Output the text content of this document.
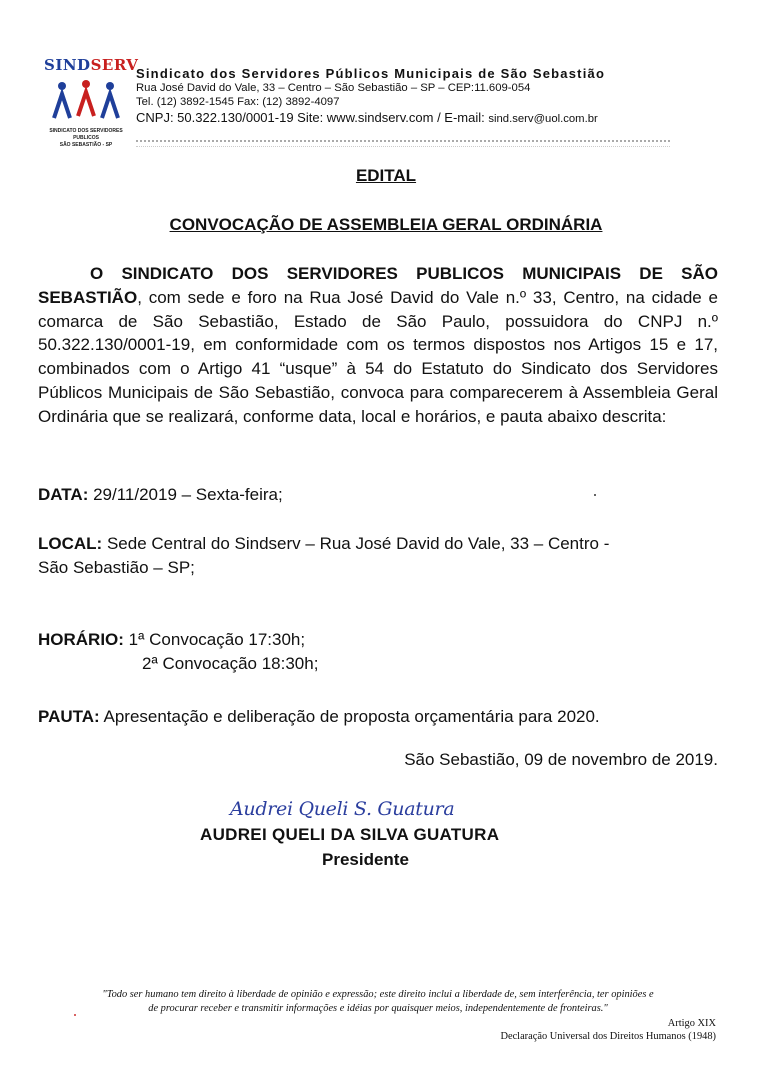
SINDSERV
SINDICATO DOS SERVIDORES PUBLICOS
SÃO SEBASTIÃO - SP
Sindicato dos Servidores Públicos Municipais de São Sebastião
Rua José David do Vale, 33 – Centro – São Sebastião – SP – CEP:11.609-054
Tel. (12) 3892-1545 Fax: (12) 3892-4097
CNPJ: 50.322.130/0001-19 Site: www.sindserv.com / E-mail: sind.serv@uol.com.br
EDITAL
CONVOCAÇÃO DE ASSEMBLEIA GERAL ORDINÁRIA
O SINDICATO DOS SERVIDORES PUBLICOS MUNICIPAIS DE SÃO SEBASTIÃO, com sede e foro na Rua José David do Vale n.º 33, Centro, na cidade e comarca de São Sebastião, Estado de São Paulo, possuidora do CNPJ n.º 50.322.130/0001-19, em conformidade com os termos dispostos nos Artigos 15 e 17, combinados com o Artigo 41 “usque” à 54 do Estatuto do Sindicato dos Servidores Públicos Municipais de São Sebastião, convoca para comparecerem à Assembleia Geral Ordinária que se realizará, conforme data, local e horários, e pauta abaixo descrita:
DATA: 29/11/2019 – Sexta-feira;
LOCAL: Sede Central do Sindserv – Rua José David do Vale, 33 – Centro -
São Sebastião – SP;
HORÁRIO: 1ª Convocação 17:30h;
2ª Convocação 18:30h;
PAUTA: Apresentação e deliberação de proposta orçamentária para 2020.
São Sebastião, 09 de novembro de 2019.
Audrei Queli S. Guatura
AUDREI QUELI DA SILVA GUATURA
Presidente
"Todo ser humano tem direito à liberdade de opinião e expressão; este direito inclui a liberdade de, sem interferência, ter opiniões e
de procurar receber e transmitir informações e idéias por quaisquer meios, independentemente de fronteiras."
Artigo XIX
Declaração Universal dos Direitos Humanos (1948)
